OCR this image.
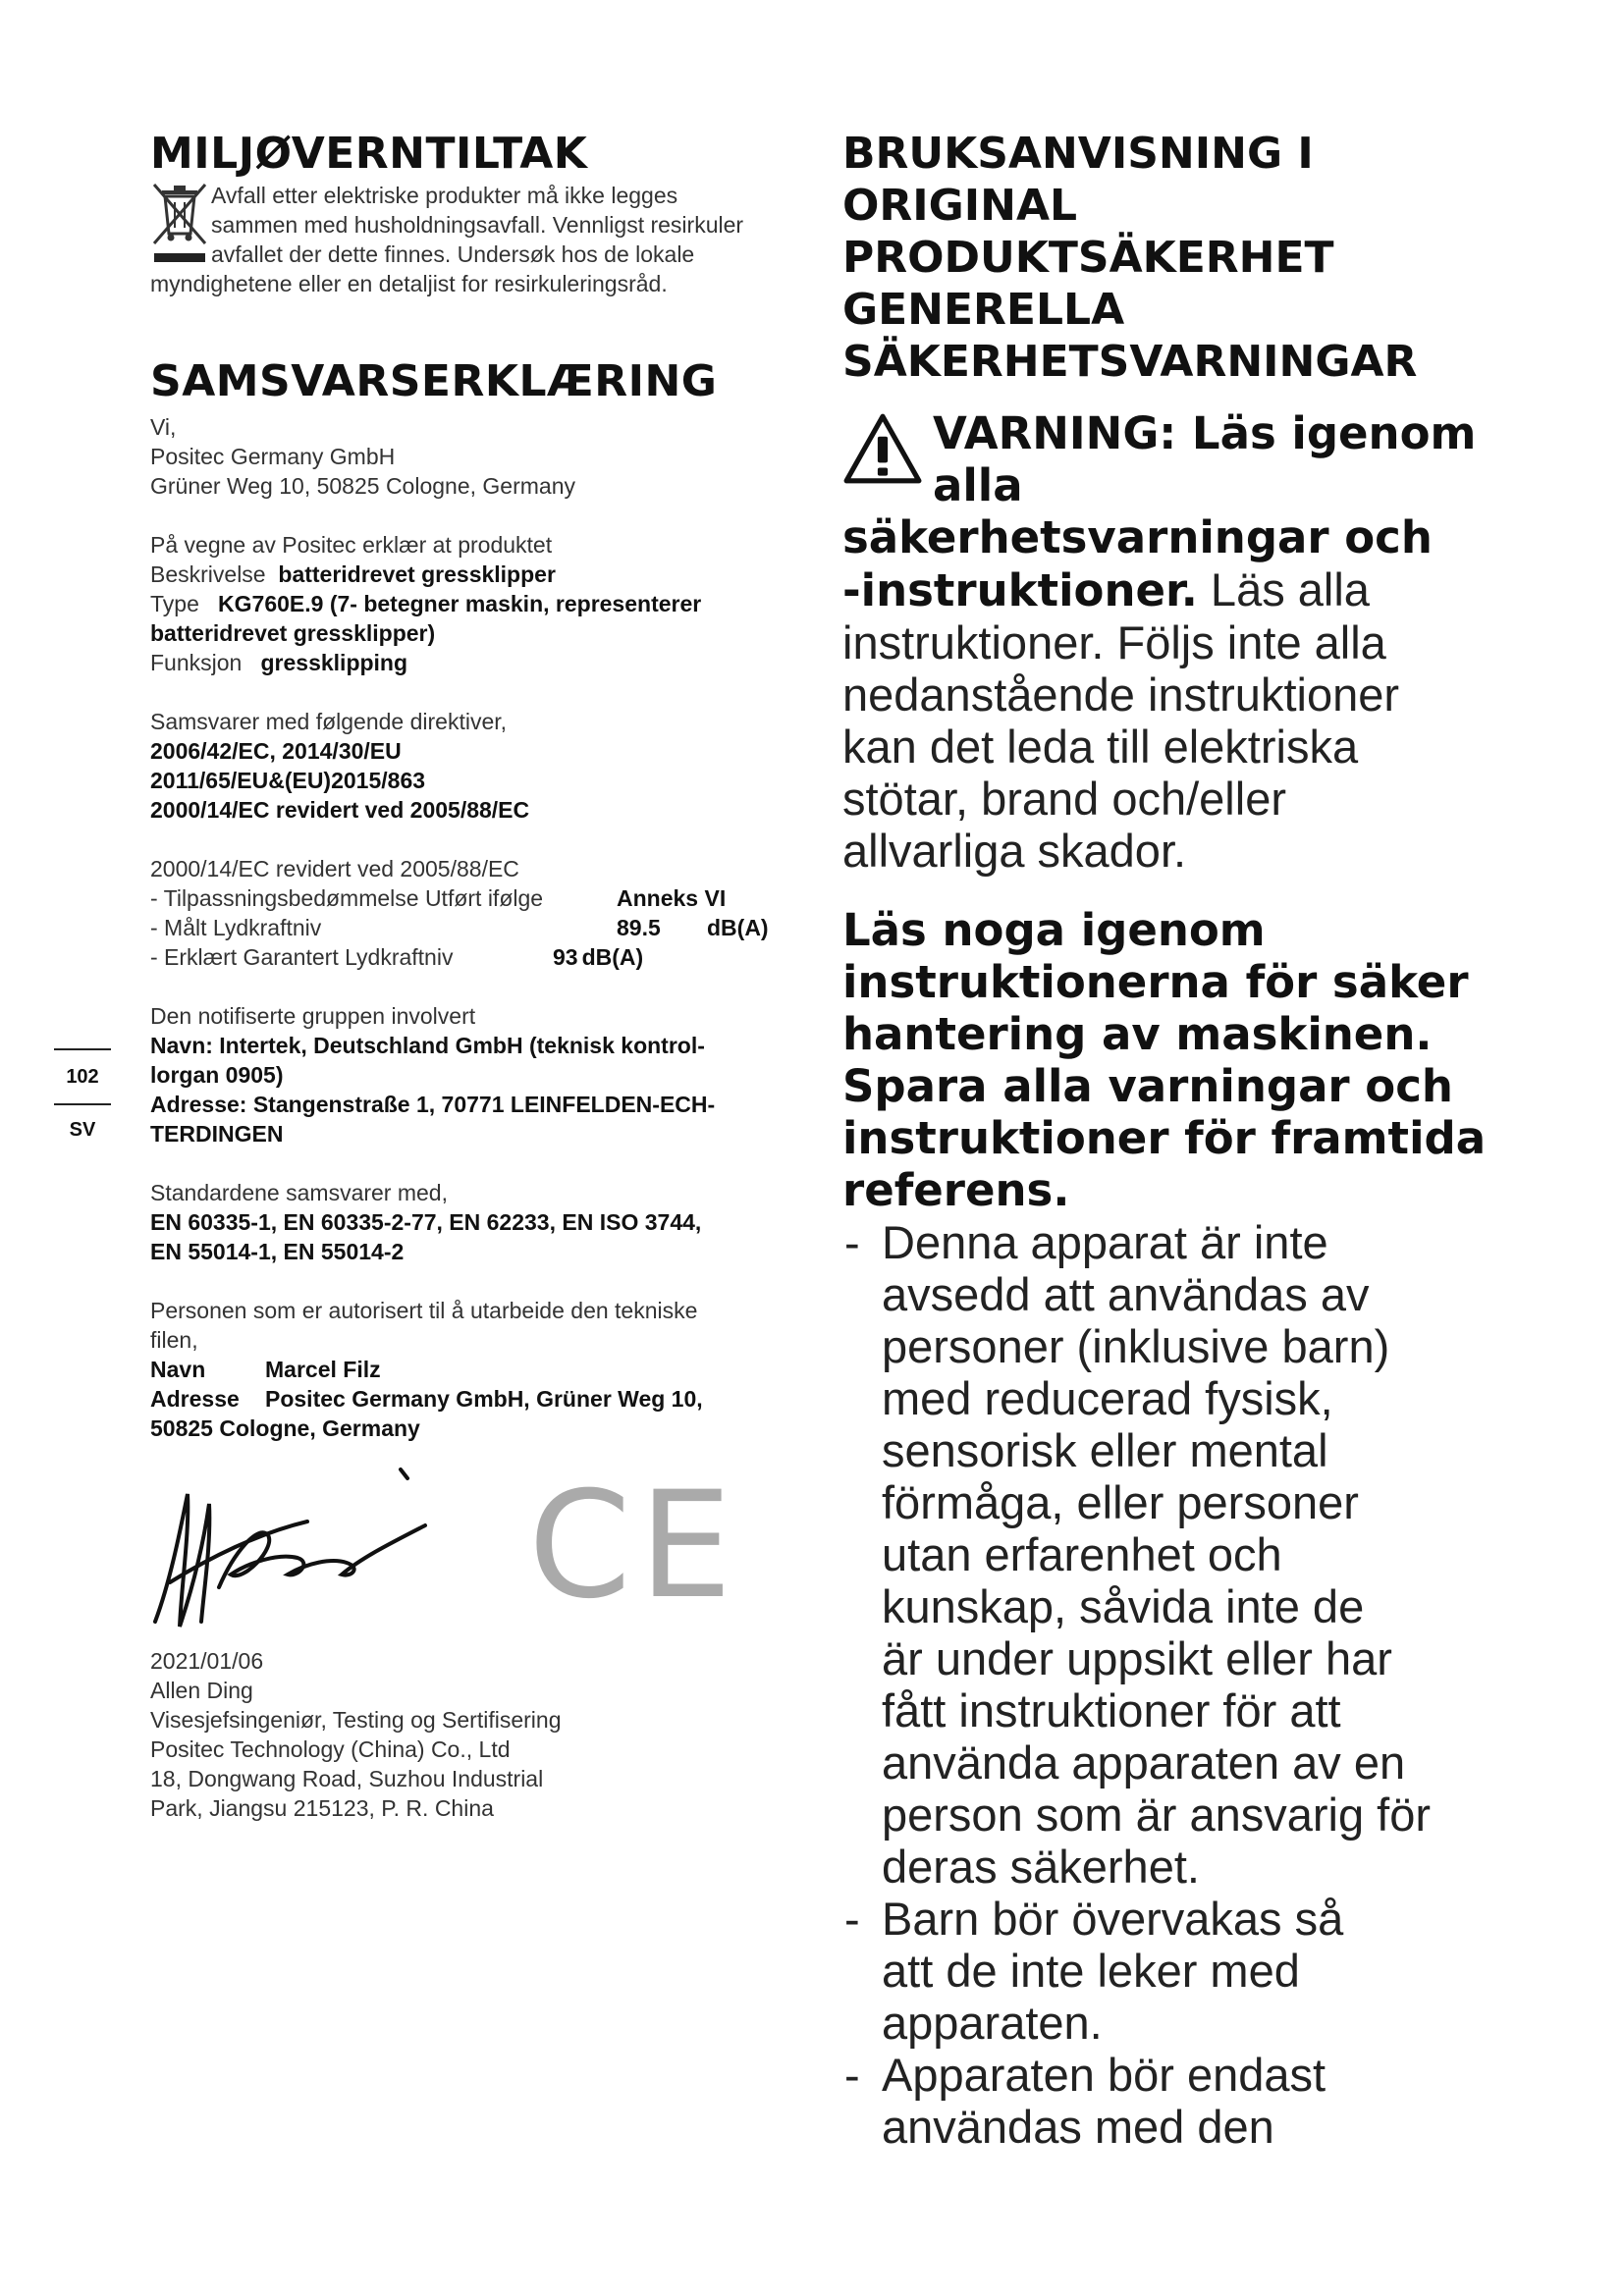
MILJØVERNTILTAK

Avfall etter elektriske produkter må ikke legges

sammen med husholdningsavfall. Vennligst resirkuler

avfallet der dette finnes. Undersøk hos de lokale

myndighetene eller en detaljist for resirkuleringsråd.

SAMSVARSERKLÆRING

Vi,

Positec Germany GmbH

Grüner Weg 10, 50825 Cologne, Germany

På vegne av Positec erklær at produktet

Beskrivelse batteridrevet gressklipper

Type KG760E.9 (7- betegner maskin, representerer

batteridrevet gressklipper)

Funksjon gressklipping

Samsvarer med følgende direktiver,

2006/42/EC, 2014/30/EU

2011/65/EU&(EU)2015/863

2000/14/EC revidert ved 2005/88/EC

2000/14/EC revidert ved 2005/88/EC

- Tilpassningsbedømmelse Utført ifølge	Anneks VI
- Målt Lydkraftniv	89.5	dB(A)
- Erklært Garantert Lydkraftniv	93 dB(A)

Den notifiserte gruppen involvert

Navn: Intertek, Deutschland GmbH (teknisk kontrol-

lorgan 0905)

Adresse: Stangenstraße 1, 70771 LEINFELDEN-ECH-

TERDINGEN

Standardene samsvarer med,

EN 60335-1, EN 60335-2-77, EN 62233, EN ISO 3744,

EN 55014-1, EN 55014-2

Personen som er autorisert til å utarbeide den tekniske

filen,

Navn	Marcel Filz
Adresse	Positec Germany GmbH, Grüner Weg 10,

50825 Cologne, Germany

CE

2021/01/06

Allen Ding

Visesjefsingeniør, Testing og Sertifisering

Positec Technology (China) Co., Ltd

18, Dongwang Road, Suzhou Industrial

Park, Jiangsu 215123, P. R. China

102
SV

BRUKSANVISNING I

ORIGINAL

PRODUKTSÄKERHET

GENERELLA

SÄKERHETSVARNINGAR

VARNING: Läs igenom
alla
säkerhetsvarningar och
-instruktioner. Läs alla
instruktioner. Följs inte alla
nedanstående instruktioner
kan det leda till elektriska
stötar, brand och/eller
allvarliga skador.

Läs noga igenom

instruktionerna för säker

hantering av maskinen.

Spara alla varningar och

instruktioner för framtida

referens.

- Denna apparat är inte
avsedd att användas av
personer (inklusive barn)
med reducerad fysisk,
sensorisk eller mental
förmåga, eller personer
utan erfarenhet och
kunskap, såvida inte de
är under uppsikt eller har
fått instruktioner för att
använda apparaten av en
person som är ansvarig för
deras säkerhet.
- Barn bör övervakas så
att de inte leker med
apparaten.
- Apparaten bör endast
användas med den
